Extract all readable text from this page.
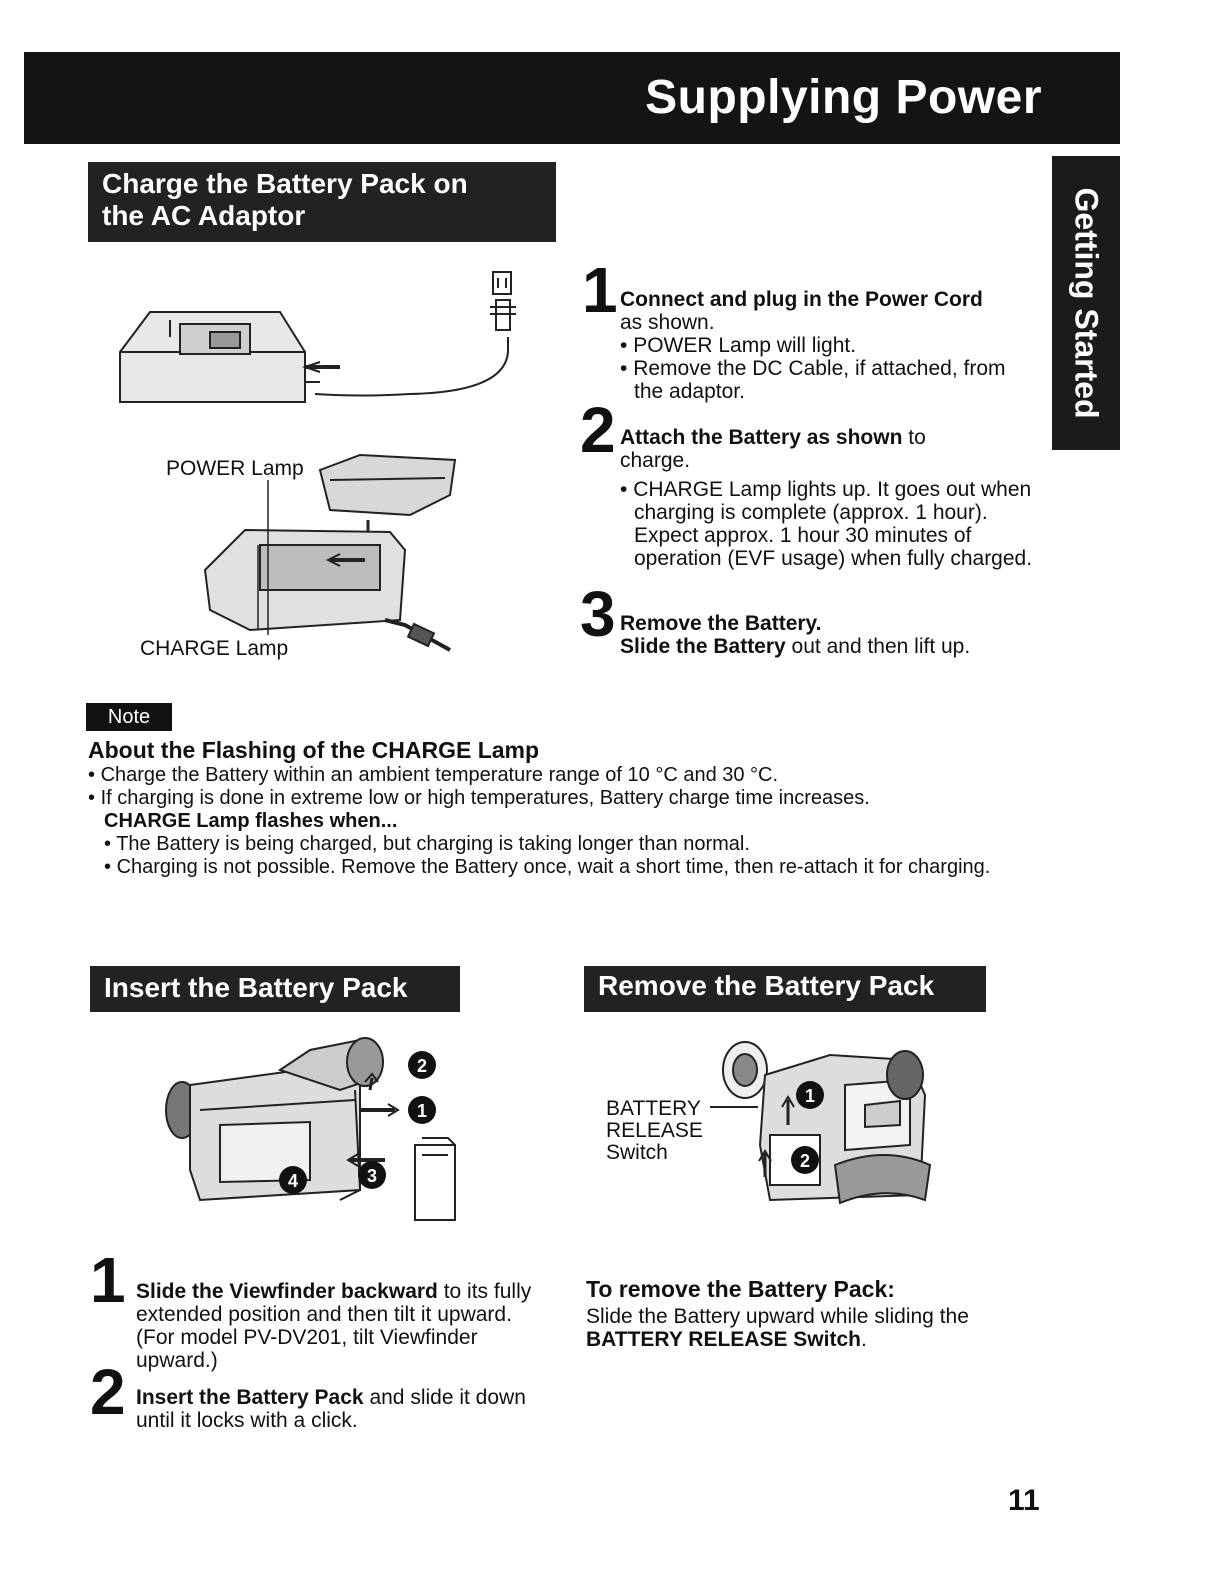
Supplying Power
Getting Started
Charge the Battery Pack on
the AC Adaptor
POWER Lamp
CHARGE Lamp
1 Connect and plug in the Power Cord
as shown.
• POWER Lamp will light.
• Remove the DC Cable, if attached, from the adaptor.
2 Attach the Battery as shown to
charge.
• CHARGE Lamp lights up. It goes out when charging is complete (approx. 1 hour). Expect approx. 1 hour 30 minutes of operation (EVF usage) when fully charged.
3 Remove the Battery.
Slide the Battery out and then lift up.
Note
About the Flashing of the CHARGE Lamp
• Charge the Battery within an ambient temperature range of 10 °C and 30 °C.
• If charging is done in extreme low or high temperatures, Battery charge time increases.
CHARGE Lamp flashes when...
• The Battery is being charged, but charging is taking longer than normal.
• Charging is not possible. Remove the Battery once, wait a short time, then re-attach it for charging.
Insert the Battery Pack
2
1
4	3
1 Slide the Viewfinder backward to its fully extended position and then tilt it upward. (For model PV-DV201, tilt Viewfinder upward.)
2 Insert the Battery Pack and slide it down until it locks with a click.
Remove the Battery Pack
1
2
BATTERY
RELEASE
Switch
To remove the Battery Pack:
Slide the Battery upward while sliding the
BATTERY RELEASE Switch.
11
